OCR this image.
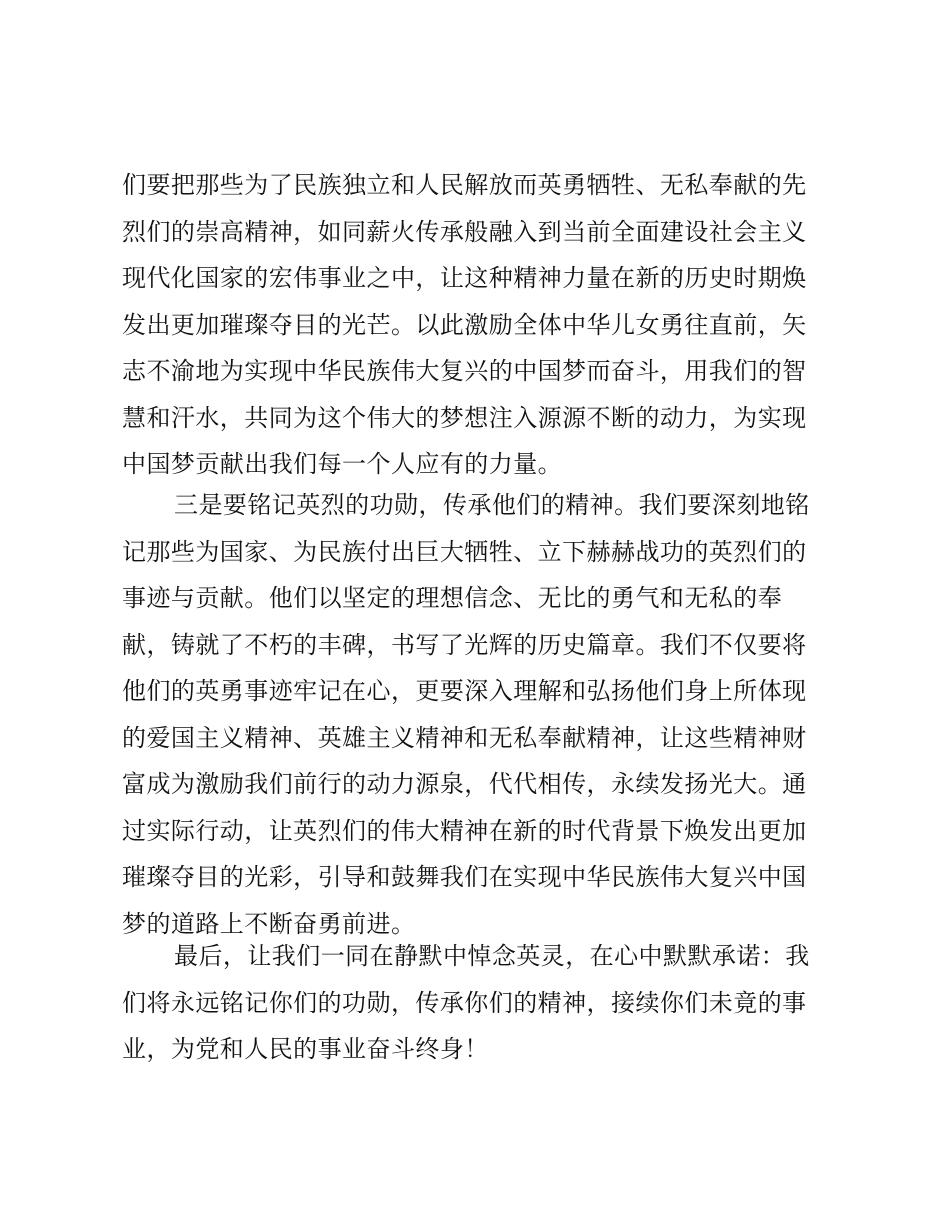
们要把那些为了民族独立和人民解放而英勇牺牲、无私奉献的先
烈们的崇高精神，如同薪火传承般融入到当前全面建设社会主义
现代化国家的宏伟事业之中，让这种精神力量在新的历史时期焕
发出更加璀璨夺目的光芒。以此激励全体中华儿女勇往直前，矢
志不渝地为实现中华民族伟大复兴的中国梦而奋斗，用我们的智
慧和汗水，共同为这个伟大的梦想注入源源不断的动力，为实现
中国梦贡献出我们每一个人应有的力量。
三是要铭记英烈的功勋，传承他们的精神。我们要深刻地铭
记那些为国家、为民族付出巨大牺牲、立下赫赫战功的英烈们的
事迹与贡献。他们以坚定的理想信念、无比的勇气和无私的奉
献，铸就了不朽的丰碑，书写了光辉的历史篇章。我们不仅要将
他们的英勇事迹牢记在心，更要深入理解和弘扬他们身上所体现
的爱国主义精神、英雄主义精神和无私奉献精神，让这些精神财
富成为激励我们前行的动力源泉，代代相传，永续发扬光大。通
过实际行动，让英烈们的伟大精神在新的时代背景下焕发出更加
璀璨夺目的光彩，引导和鼓舞我们在实现中华民族伟大复兴中国
梦的道路上不断奋勇前进。
最后，让我们一同在静默中悼念英灵，在心中默默承诺：我
们将永远铭记你们的功勋，传承你们的精神，接续你们未竟的事
业，为党和人民的事业奋斗终身！
